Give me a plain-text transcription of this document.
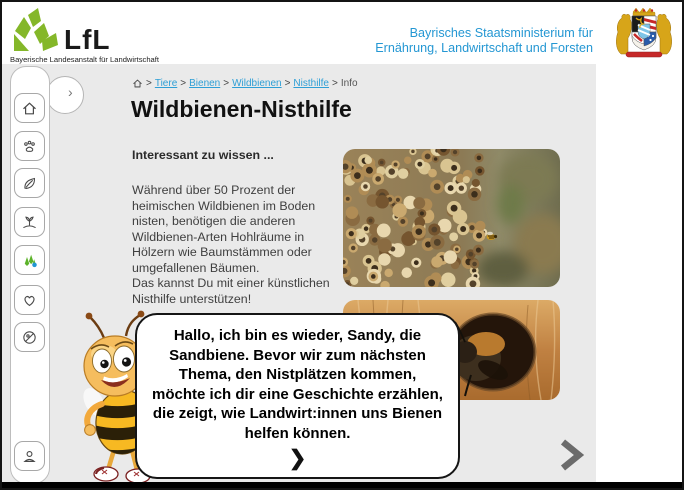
LfL
Bayerische Landesanstalt für Landwirtschaft
Bayrisches Staatsministerium für
Ernährung, Landwirtschaft und Forsten
›
> Tiere > Bienen > Wildbienen > Nisthilfe > Info
Wildbienen-Nisthilfe
Interessant zu wissen ...

Während über 50 Prozent der heimischen Wildbienen im Boden nisten, benötigen die anderen Wildbienen-Arten Hohlräume in Hölzern wie Baumstämmen oder umgefallenen Bäumen.

Das kannst Du mit einer künstlichen Nisthilfe unterstützen!

Hallo, ich bin es wieder, Sandy, die Sandbiene. Bevor wir zum nächsten Thema, den Nistplätzen kommen, möchte ich dir eine Geschichte erzählen, die zeigt, wie Landwirt:innen uns Bienen helfen können.
❯
